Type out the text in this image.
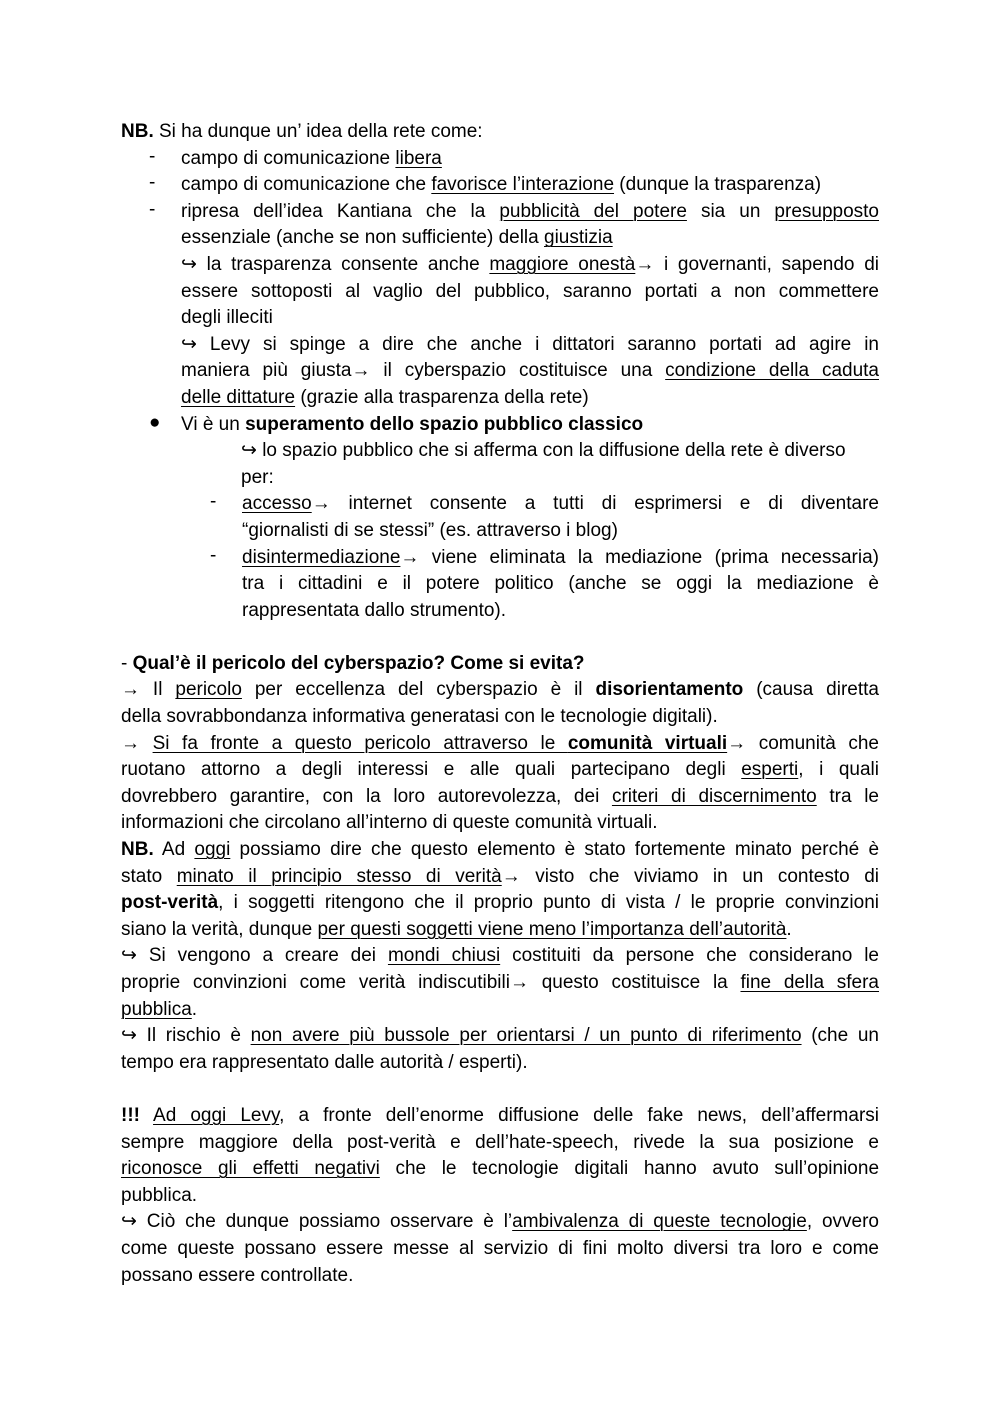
NB. Si ha dunque un’ idea della rete come:

- campo di comunicazione libera

- campo di comunicazione che favorisce l’interazione (dunque la trasparenza)

- ripresa dell’idea Kantiana che la pubblicità del potere sia un presupposto

essenziale (anche se non sufficiente) della giustizia

↪ la trasparenza consente anche maggiore onestà→ i governanti, sapendo di

essere sottoposti al vaglio del pubblico, saranno portati a non commettere

degli illeciti

↪ Levy si spinge a dire che anche i dittatori saranno portati ad agire in

maniera più giusta→ il cyberspazio costituisce una condizione della caduta

delle dittature (grazie alla trasparenza della rete)

● Vi è un superamento dello spazio pubblico classico

↪ lo spazio pubblico che si afferma con la diffusione della rete è diverso per:

- accesso→ internet consente a tutti di esprimersi e di diventare

“giornalisti di se stessi” (es. attraverso i blog)

- disintermediazione→ viene eliminata la mediazione (prima necessaria)

tra i cittadini e il potere politico (anche se oggi la mediazione è

rappresentata dallo strumento).

- Qual’è il pericolo del cyberspazio? Come si evita?

→ Il pericolo per eccellenza del cyberspazio è il disorientamento (causa diretta

della sovrabbondanza informativa generatasi con le tecnologie digitali).

→ Si fa fronte a questo pericolo attraverso le comunità virtuali→ comunità che

ruotano attorno a degli interessi e alle quali partecipano degli esperti, i quali

dovrebbero garantire, con la loro autorevolezza, dei criteri di discernimento tra le

informazioni che circolano all’interno di queste comunità virtuali.

NB. Ad oggi possiamo dire che questo elemento è stato fortemente minato perché è

stato minato il principio stesso di verità→ visto che viviamo in un contesto di

post-verità, i soggetti ritengono che il proprio punto di vista / le proprie convinzioni

siano la verità, dunque per questi soggetti viene meno l’importanza dell’autorità.

↪ Si vengono a creare dei mondi chiusi costituiti da persone che considerano le

proprie convinzioni come verità indiscutibili→ questo costituisce la fine della sfera

pubblica.

↪ Il rischio è non avere più bussole per orientarsi / un punto di riferimento (che un

tempo era rappresentato dalle autorità / esperti).

!!! Ad oggi Levy, a fronte dell’enorme diffusione delle fake news, dell’affermarsi

sempre maggiore della post-verità e dell’hate-speech, rivede la sua posizione e

riconosce gli effetti negativi che le tecnologie digitali hanno avuto sull’opinione

pubblica.

↪ Ciò che dunque possiamo osservare è l’ambivalenza di queste tecnologie, ovvero

come queste possano essere messe al servizio di fini molto diversi tra loro e come

possano essere controllate.
